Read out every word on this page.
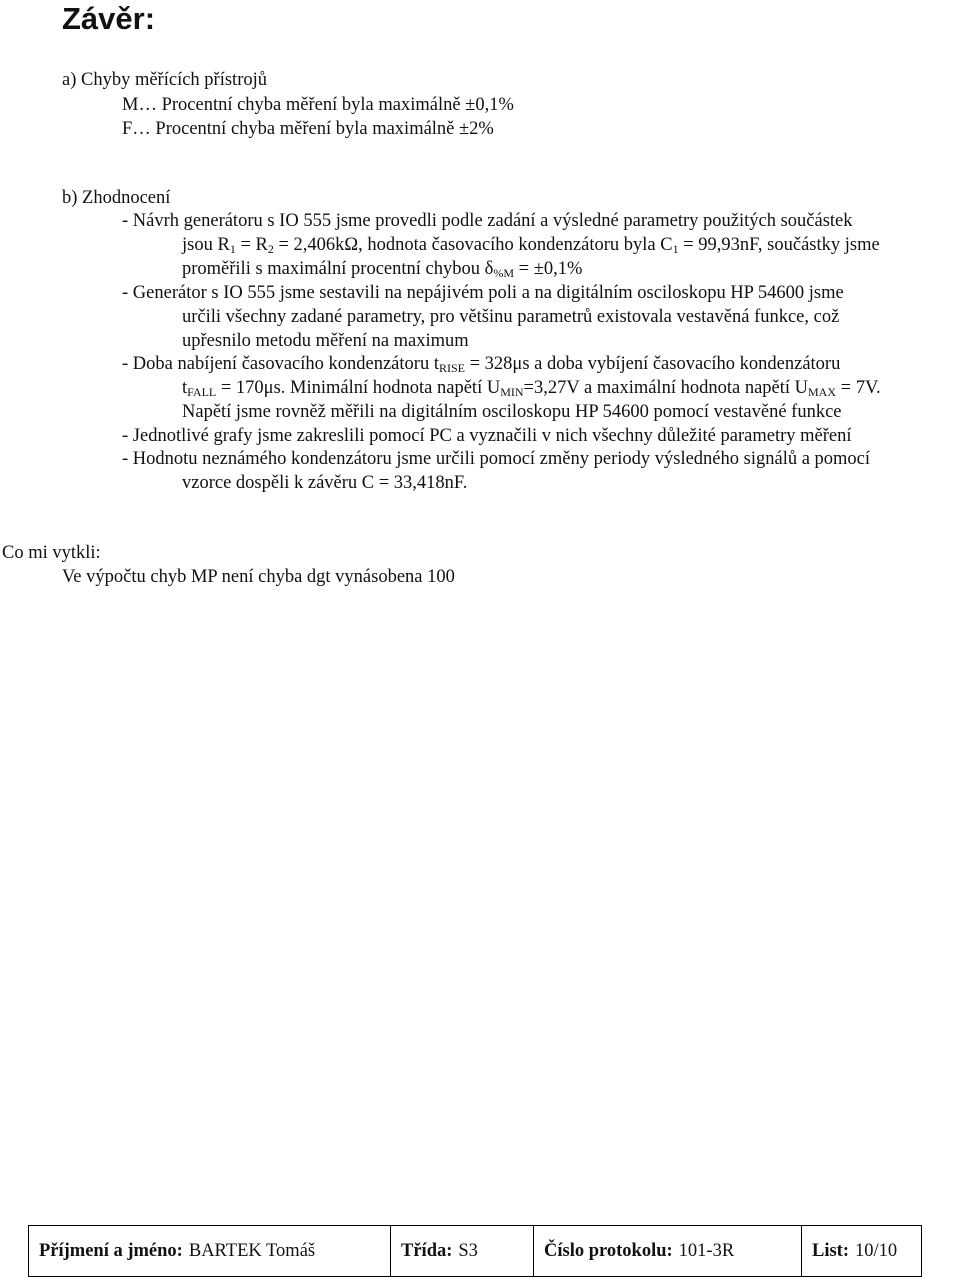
Závěr:

a) Chyby měřících přístrojů

M… Procentní chyba měření byla maximálně ±0,1%

F… Procentní chyba měření byla maximálně ±2%

b) Zhodnocení

- Návrh generátoru s IO 555 jsme provedli podle zadání a výsledné parametry použitých součástek

jsou $R_1 = R_2 = 2,406k\Omega$, hodnota časovacího kondenzátoru byla $C_1 = 99,93nF$, součástky jsme

proměřili s maximální procentní chybou $\delta_{\%M} = \pm 0,1\%$

- Generátor s IO 555 jsme sestavili na nepájivém poli a na digitálním osciloskopu HP 54600 jsme

určili všechny zadané parametry, pro většinu parametrů existovala vestavěná funkce, což

upřesnilo metodu měření na maximum

- Doba nabíjení časovacího kondenzátoru $t_{RISE} = 328\mu s$ a doba vybíjení časovacího kondenzátoru

$t_{FALL} = 170\mu s$. Minimální hodnota napětí $U_{MIN}=3,27V$ a maximální hodnota napětí $U_{MAX} = 7V$.

Napětí jsme rovněž měřili na digitálním osciloskopu HP 54600 pomocí vestavěné funkce

- Jednotlivé grafy jsme zakreslili pomocí PC a vyznačili v nich všechny důležité parametry měření

- Hodnotu neznámého kondenzátoru jsme určili pomocí změny periody výsledného signálů a pomocí

vzorce dospěli k závěru C = 33,418nF.

Co mi vytkli:

Ve výpočtu chyb MP není chyba dgt vynásobena 100

Příjmení a jméno: BARTEK Tomáš	Třída: S3	Číslo protokolu: 101-3R	List: 10/10
